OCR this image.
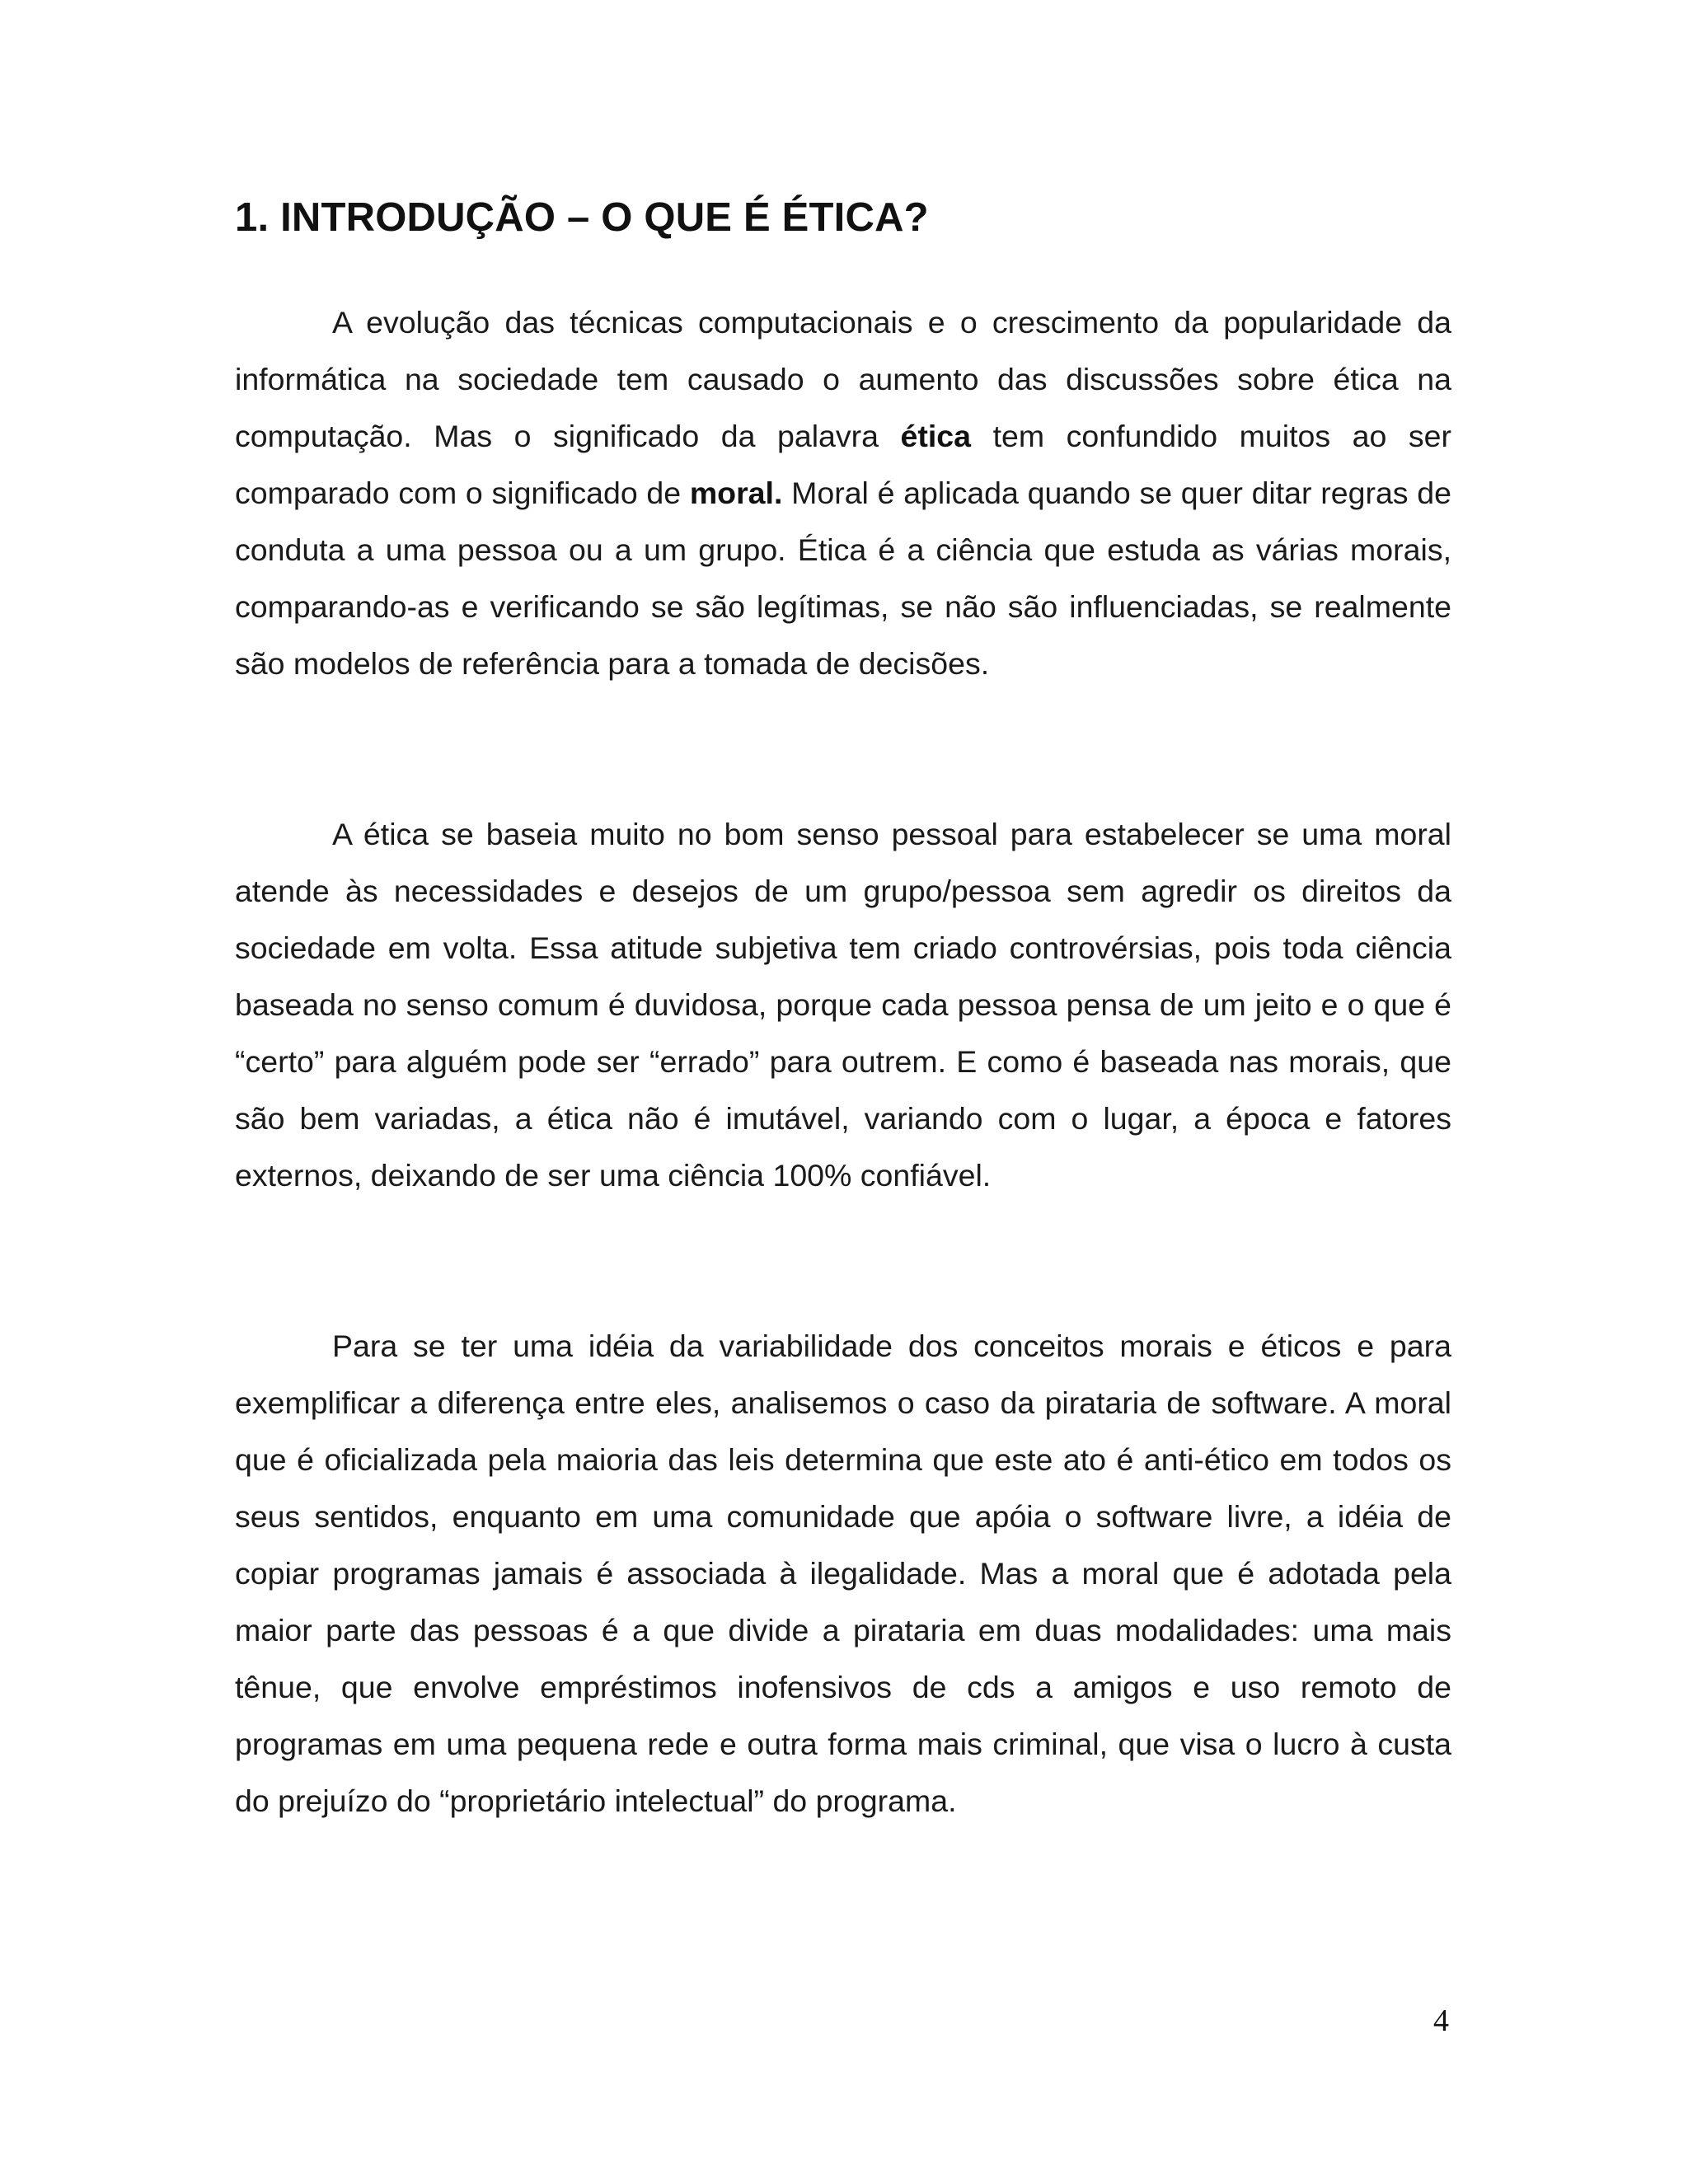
1. INTRODUÇÃO – O QUE É ÉTICA?

A evolução das técnicas computacionais e o crescimento da popularidade da informática na sociedade tem causado o aumento das discussões sobre ética na computação. Mas o significado da palavra ética tem confundido muitos ao ser comparado com o significado de moral. Moral é aplicada quando se quer ditar regras de conduta a uma pessoa ou a um grupo. Ética é a ciência que estuda as várias morais, comparando-as e verificando se são legítimas, se não são influenciadas, se realmente são modelos de referência para a tomada de decisões.

A ética se baseia muito no bom senso pessoal para estabelecer se uma moral atende às necessidades e desejos de um grupo/pessoa sem agredir os direitos da sociedade em volta. Essa atitude subjetiva tem criado controvérsias, pois toda ciência baseada no senso comum é duvidosa, porque cada pessoa pensa de um jeito e o que é “certo” para alguém pode ser “errado” para outrem. E como é baseada nas morais, que são bem variadas, a ética não é imutável, variando com o lugar, a época e fatores externos, deixando de ser uma ciência 100% confiável.

Para se ter uma idéia da variabilidade dos conceitos morais e éticos e para exemplificar a diferença entre eles, analisemos o caso da pirataria de software. A moral que é oficializada pela maioria das leis determina que este ato é anti-ético em todos os seus sentidos, enquanto em uma comunidade que apóia o software livre, a idéia de copiar programas jamais é associada à ilegalidade. Mas a moral que é adotada pela maior parte das pessoas é a que divide a pirataria em duas modalidades: uma mais tênue, que envolve empréstimos inofensivos de cds a amigos e uso remoto de programas em uma pequena rede e outra forma mais criminal, que visa o lucro à custa do prejuízo do “proprietário intelectual” do programa.

4
